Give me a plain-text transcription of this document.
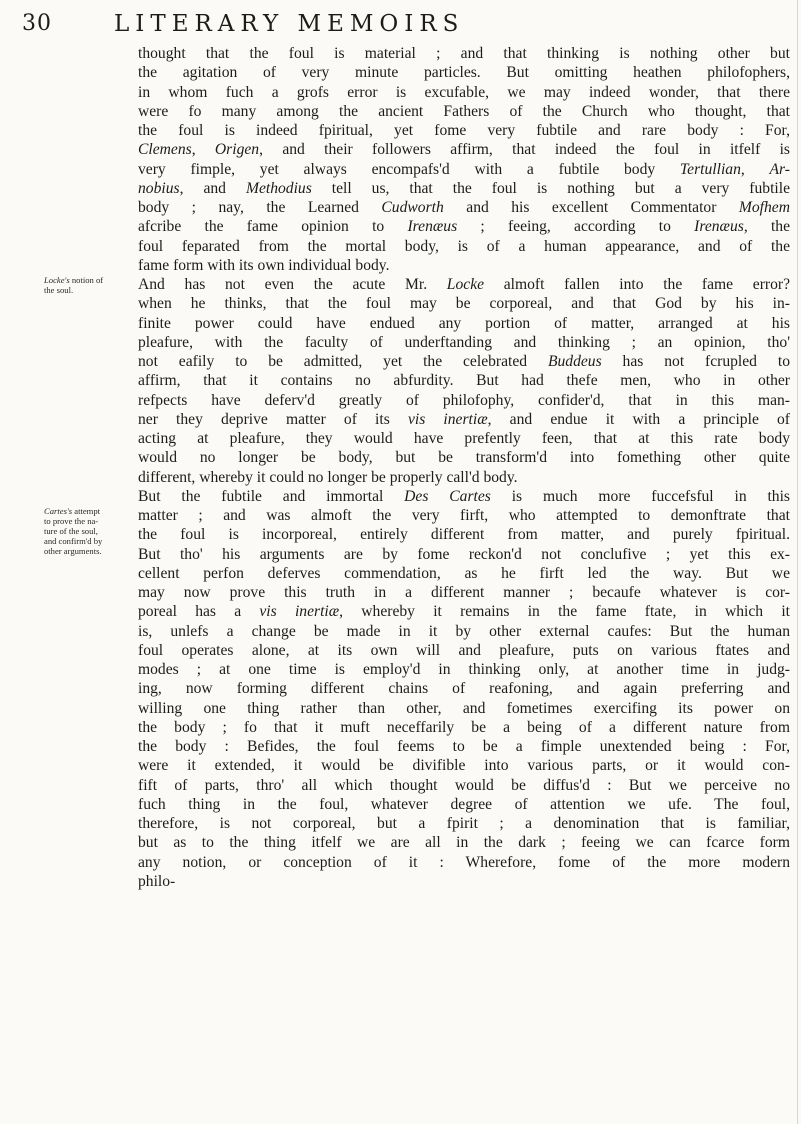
30	LITERARY MEMOIRS
Locke's notion of
the soul.
Cartes's attempt
to prove the na-
ture of the soul,
and confirm'd by
other arguments.
thought that the foul is material ; and that thinking is nothing other but
the agitation of very minute particles. But omitting heathen philofophers,
in whom fuch a grofs error is excufable, we may indeed wonder, that there
were fo many among the ancient Fathers of the Church who thought, that
the foul is indeed fpiritual, yet fome very fubtile and rare body : For,
Clemens, Origen, and their followers affirm, that indeed the foul in itfelf is
very fimple, yet always encompafs'd with a fubtile body Tertullian, Ar-
nobius, and Methodius tell us, that the foul is nothing but a very fubtile
body ; nay, the Learned Cudworth and his excellent Commentator Mofhem
afcribe the fame opinion to Irenæus ; feeing, according to Irenæus, the
foul feparated from the mortal body, is of a human appearance, and of the
fame form with its own individual body.
And has not even the acute Mr. Locke almoft fallen into the fame error?
when he thinks, that the foul may be corporeal, and that God by his in-
finite power could have endued any portion of matter, arranged at his
pleafure, with the faculty of underftanding and thinking ; an opinion, tho'
not eafily to be admitted, yet the celebrated Buddeus has not fcrupled to
affirm, that it contains no abfurdity. But had thefe men, who in other
refpects have deferv'd greatly of philofophy, confider'd, that in this man-
ner they deprive matter of its vis inertiæ, and endue it with a principle of
acting at pleafure, they would have prefently feen, that at this rate body
would no longer be body, but be transform'd into fomething other quite
different, whereby it could no longer be properly call'd body.
But the fubtile and immortal Des Cartes is much more fuccefsful in this
matter ; and was almoft the very firft, who attempted to demonftrate that
the foul is incorporeal, entirely different from matter, and purely fpiritual.
But tho' his arguments are by fome reckon'd not conclufive ; yet this ex-
cellent perfon deferves commendation, as he firft led the way. But we
may now prove this truth in a different manner ; becaufe whatever is cor-
poreal has a vis inertiæ, whereby it remains in the fame ftate, in which it
is, unlefs a change be made in it by other external caufes: But the human
foul operates alone, at its own will and pleafure, puts on various ftates and
modes ; at one time is employ'd in thinking only, at another time in judg-
ing, now forming different chains of reafoning, and again preferring and
willing one thing rather than other, and fometimes exercifing its power on
the body ; fo that it muft neceffarily be a being of a different nature from
the body : Befides, the foul feems to be a fimple unextended being : For,
were it extended, it would be divifible into various parts, or it would con-
fift of parts, thro' all which thought would be diffus'd : But we perceive no
fuch thing in the foul, whatever degree of attention we ufe. The foul,
therefore, is not corporeal, but a fpirit ; a denomination that is familiar,
but as to the thing itfelf we are all in the dark ; feeing we can fcarce form
any notion, or conception of it : Wherefore, fome of the more modern
philo-
